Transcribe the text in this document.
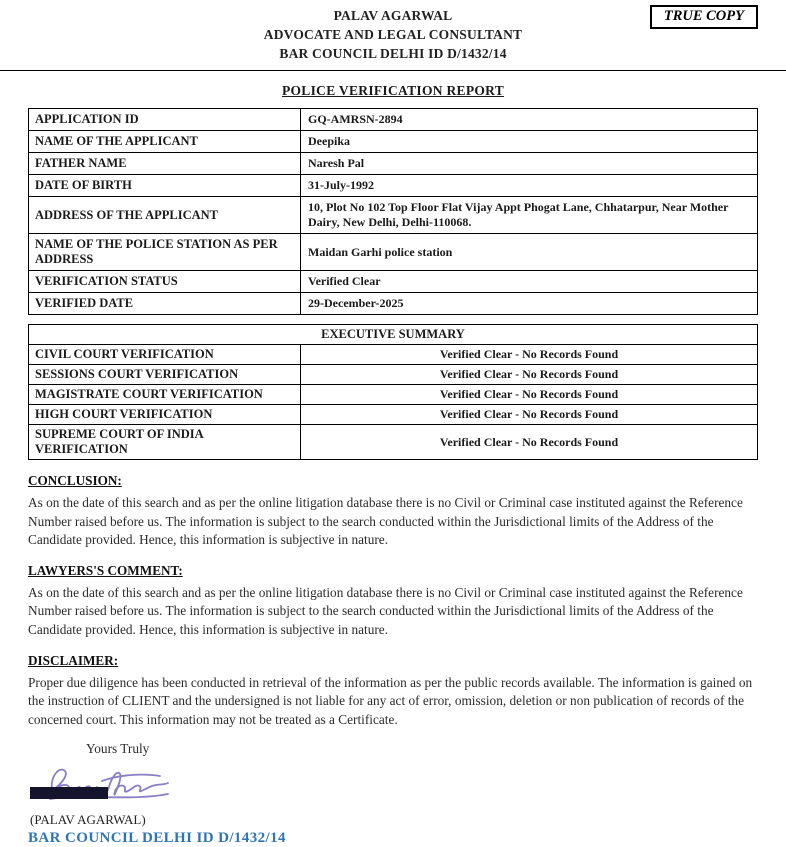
PALAV AGARWAL
ADVOCATE AND LEGAL CONSULTANT
BAR COUNCIL DELHI ID D/1432/14
TRUE COPY
POLICE VERIFICATION REPORT
APPLICATION ID	GQ-AMRSN-2894
NAME OF THE APPLICANT	Deepika
FATHER NAME	Naresh Pal
DATE OF BIRTH	31-July-1992
ADDRESS OF THE APPLICANT	10, Plot No 102 Top Floor Flat Vijay Appt Phogat Lane, Chhatarpur, Near Mother Dairy, New Delhi, Delhi-110068.
NAME OF THE POLICE STATION AS PER ADDRESS	Maidan Garhi police station
VERIFICATION STATUS	Verified Clear
VERIFIED DATE	29-December-2025
EXECUTIVE SUMMARY	
CIVIL COURT VERIFICATION	Verified Clear - No Records Found
SESSIONS COURT VERIFICATION	Verified Clear - No Records Found
MAGISTRATE COURT VERIFICATION	Verified Clear - No Records Found
HIGH COURT VERIFICATION	Verified Clear - No Records Found
SUPREME COURT OF INDIA VERIFICATION	Verified Clear - No Records Found
CONCLUSION:
As on the date of this search and as per the online litigation database there is no Civil or Criminal case instituted against the Reference Number raised before us. The information is subject to the search conducted within the Jurisdictional limits of the Address of the Candidate provided. Hence, this information is subjective in nature.
LAWYERS'S COMMENT:
As on the date of this search and as per the online litigation database there is no Civil or Criminal case instituted against the Reference Number raised before us. The information is subject to the search conducted within the Jurisdictional limits of the Address of the Candidate provided. Hence, this information is subjective in nature.
DISCLAIMER:
Proper due diligence has been conducted in retrieval of the information as per the public records available. The information is gained on the instruction of CLIENT and the undersigned is not liable for any act of error, omission, deletion or non publication of records of the concerned court. This information may not be treated as a Certificate.
Yours Truly
(PALAV AGARWAL)
BAR COUNCIL DELHI ID D/1432/14
